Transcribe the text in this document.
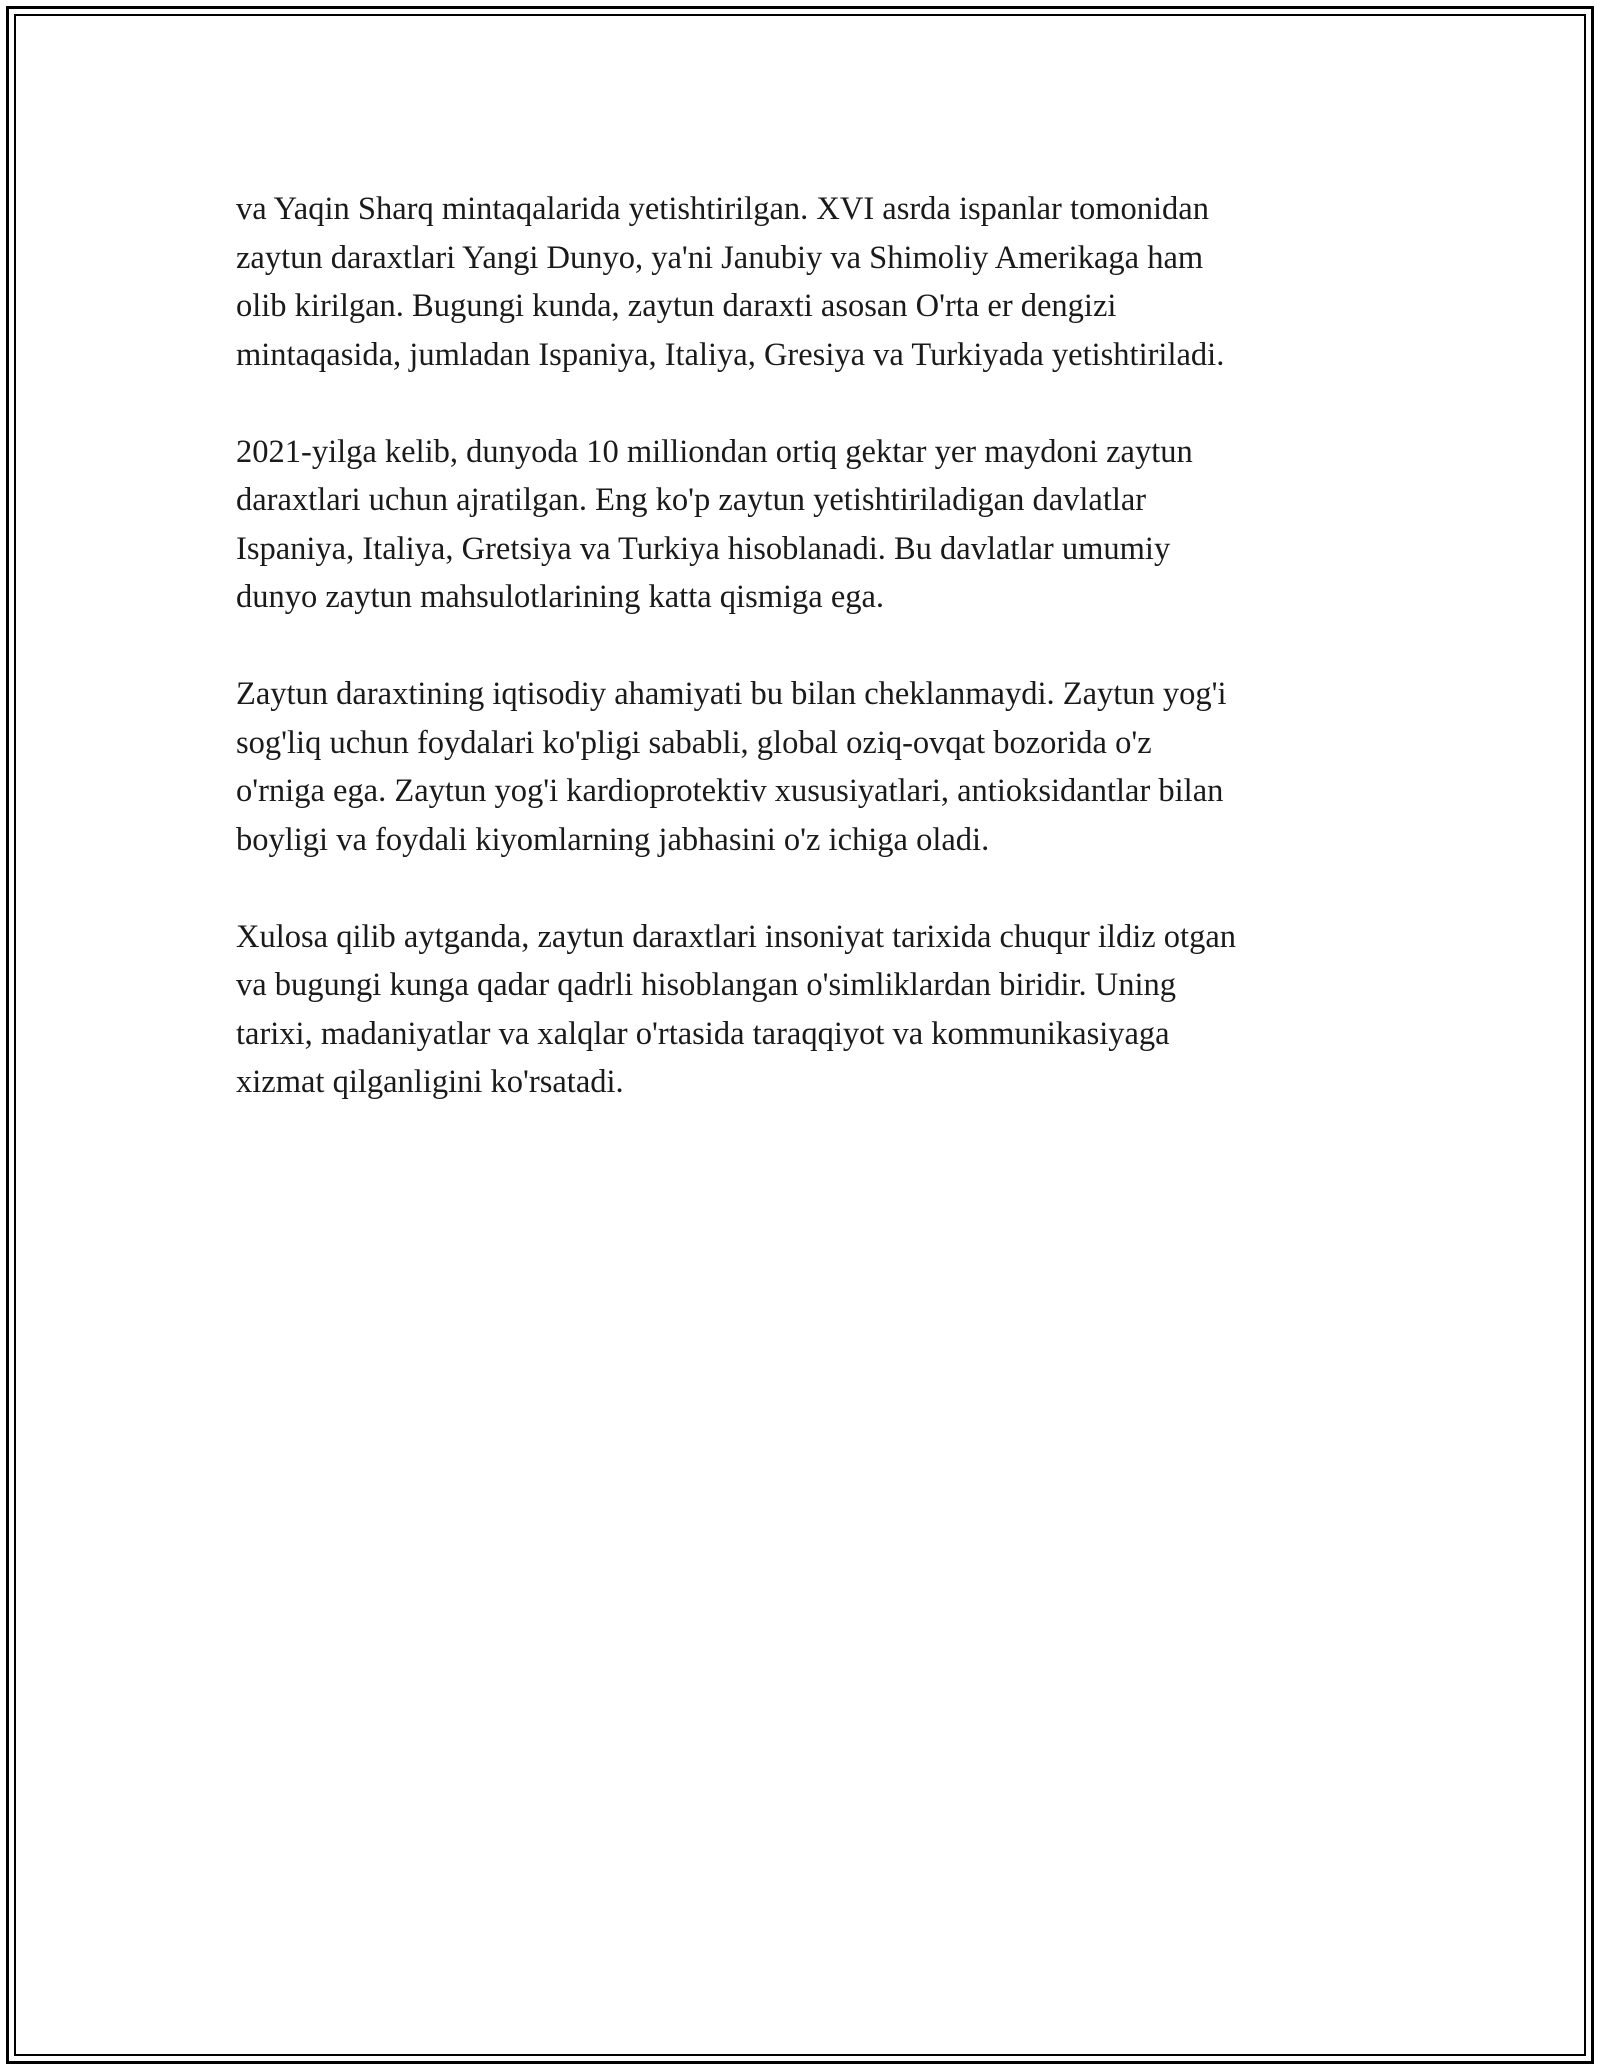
va Yaqin Sharq mintaqalarida yetishtirilgan. XVI asrda ispanlar tomonidan
zaytun daraxtlari Yangi Dunyo, ya'ni Janubiy va Shimoliy Amerikaga ham
olib kirilgan. Bugungi kunda, zaytun daraxti asosan O'rta er dengizi
mintaqasida, jumladan Ispaniya, Italiya, Gresiya va Turkiyada yetishtiriladi.

2021-yilga kelib, dunyoda 10 milliondan ortiq gektar yer maydoni zaytun
daraxtlari uchun ajratilgan. Eng ko'p zaytun yetishtiriladigan davlatlar
Ispaniya, Italiya, Gretsiya va Turkiya hisoblanadi. Bu davlatlar umumiy
dunyo zaytun mahsulotlarining katta qismiga ega.

Zaytun daraxtining iqtisodiy ahamiyati bu bilan cheklanmaydi. Zaytun yog'i
sog'liq uchun foydalari ko'pligi sababli, global oziq-ovqat bozorida o'z
o'rniga ega. Zaytun yog'i kardioprotektiv xususiyatlari, antioksidantlar bilan
boyligi va foydali kiyomlarning jabhasini o'z ichiga oladi.

Xulosa qilib aytganda, zaytun daraxtlari insoniyat tarixida chuqur ildiz otgan
va bugungi kunga qadar qadrli hisoblangan o'simliklardan biridir. Uning
tarixi, madaniyatlar va xalqlar o'rtasida taraqqiyot va kommunikasiyaga
xizmat qilganligini ko'rsatadi.
